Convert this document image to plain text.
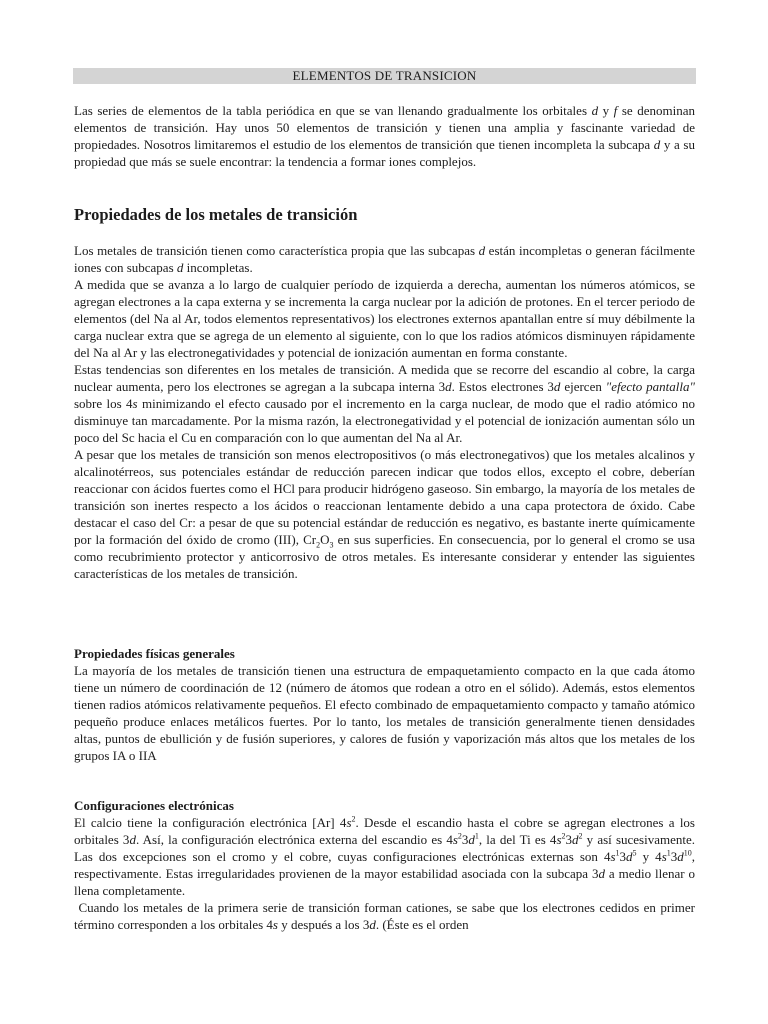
ELEMENTOS DE TRANSICION
Las series de elementos de la tabla periódica en que se van llenando gradualmente los orbitales d y f se denominan elementos de transición. Hay unos 50 elementos de transición y tienen una amplia y fascinante variedad de propiedades. Nosotros limitaremos el estudio de los elementos de transición que tienen incompleta la subcapa d y a su propiedad que más se suele encontrar: la tendencia a formar iones complejos.
Propiedades de los metales de transición
Los metales de transición tienen como característica propia que las subcapas d están incompletas o generan fácilmente iones con subcapas d incompletas.
A medida que se avanza a lo largo de cualquier período de izquierda a derecha, aumentan los números atómicos, se agregan electrones a la capa externa y se incrementa la carga nuclear por la adición de protones. En el tercer periodo de elementos (del Na al Ar, todos elementos representativos) los electrones externos apantallan entre sí muy débilmente la carga nuclear extra que se agrega de un elemento al siguiente, con lo que los radios atómicos disminuyen rápidamente del Na al Ar y las electronegatividades y potencial de ionización aumentan en forma constante.
Estas tendencias son diferentes en los metales de transición. A medida que se recorre del escandio al cobre, la carga nuclear aumenta, pero los electrones se agregan a la subcapa interna 3d. Estos electrones 3d ejercen "efecto pantalla" sobre los 4s minimizando el efecto causado por el incremento en la carga nuclear, de modo que el radio atómico no disminuye tan marcadamente. Por la misma razón, la electronegatividad y el potencial de ionización aumentan sólo un poco del Sc hacia el Cu en comparación con lo que aumentan del Na al Ar.
A pesar que los metales de transición son menos electropositivos (o más electronegativos) que los metales alcalinos y alcalinotérreos, sus potenciales estándar de reducción parecen indicar que todos ellos, excepto el cobre, deberían reaccionar con ácidos fuertes como el HCl para producir hidrógeno gaseoso. Sin embargo, la mayoría de los metales de transición son inertes respecto a los ácidos o reaccionan lentamente debido a una capa protectora de óxido. Cabe destacar el caso del Cr: a pesar de que su potencial estándar de reducción es negativo, es bastante inerte químicamente por la formación del óxido de cromo (III), $Cr_2O_3$ en sus superficies. En consecuencia, por lo general el cromo se usa como recubrimiento protector y anticorrosivo de otros metales. Es interesante considerar y entender las siguientes características de los metales de transición.
Propiedades físicas generales
La mayoría de los metales de transición tienen una estructura de empaquetamiento compacto en la que cada átomo tiene un número de coordinación de 12 (número de átomos que rodean a otro en el sólido). Además, estos elementos tienen radios atómicos relativamente pequeños. El efecto combinado de empaquetamiento compacto y tamaño atómico pequeño produce enlaces metálicos fuertes. Por lo tanto, los metales de transición generalmente tienen densidades altas, puntos de ebullición y de fusión superiores, y calores de fusión y vaporización más altos que los metales de los grupos IA o IIA
Configuraciones electrónicas
El calcio tiene la configuración electrónica [Ar] $4s^2$. Desde el escandio hasta el cobre se agregan electrones a los orbitales 3d. Así, la configuración electrónica externa del escandio es $4s^23d^1$, la del Ti es $4s^23d^2$ y así sucesivamente. Las dos excepciones son el cromo y el cobre, cuyas configuraciones electrónicas externas son $4s^13d^5$ y $4s^13d^{10}$, respectivamente. Estas irregularidades provienen de la mayor estabilidad asociada con la subcapa 3d a medio llenar o llena completamente.
Cuando los metales de la primera serie de transición forman cationes, se sabe que los electrones cedidos en primer término corresponden a los orbitales 4s y después a los 3d. (Éste es el orden
